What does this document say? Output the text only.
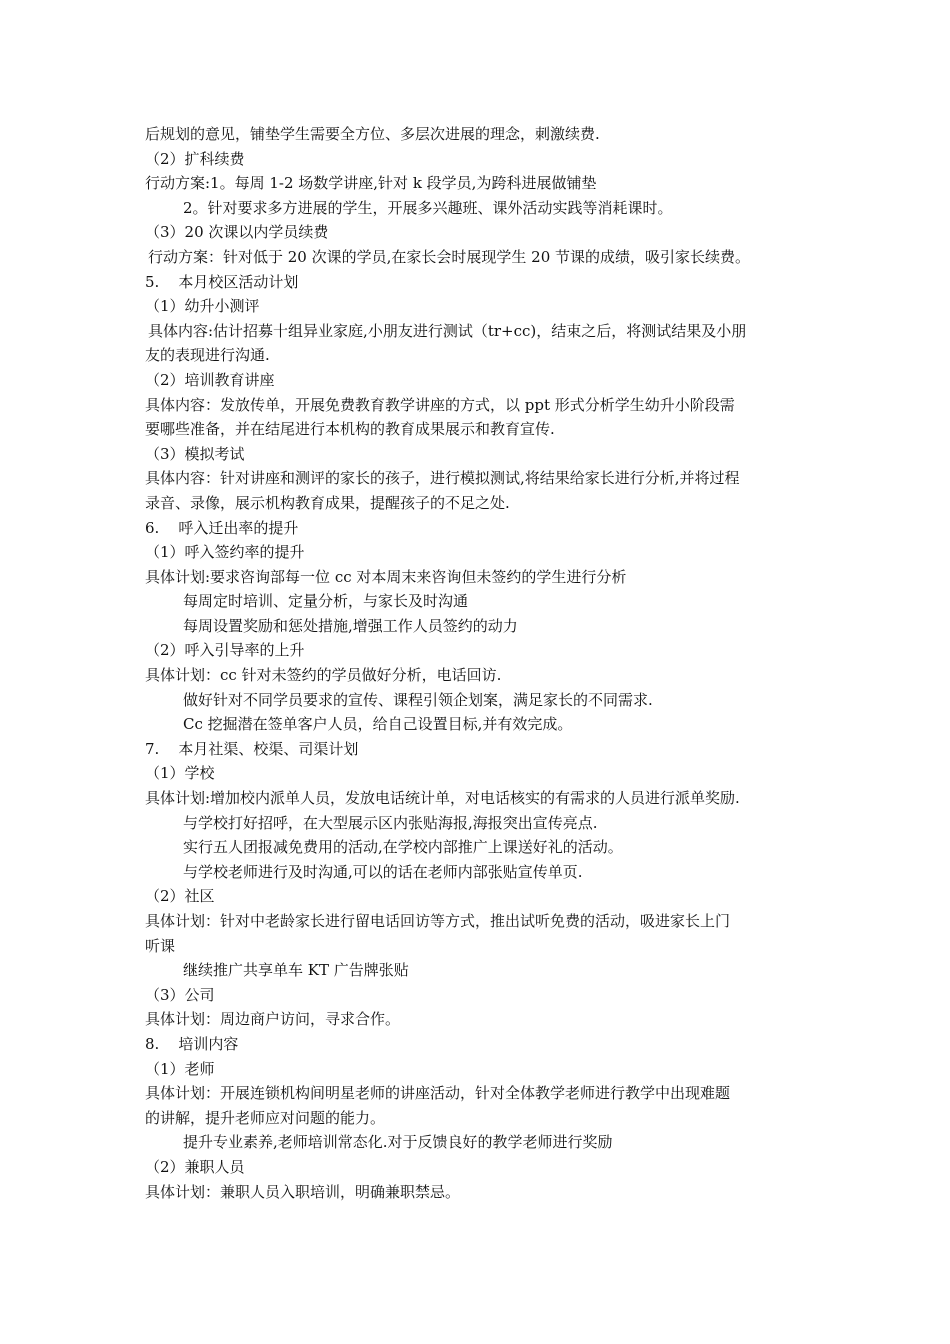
后规划的意见，铺垫学生需要全方位、多层次进展的理念，刺激续费.
（2）扩科续费
行动方案:1。每周 1-2 场数学讲座,针对 k 段学员,为跨科进展做铺垫
2。针对要求多方进展的学生，开展多兴趣班、课外活动实践等消耗课时。
（3）20 次课以内学员续费
行动方案：针对低于 20 次课的学员,在家长会时展现学生 20 节课的成绩，吸引家长续费。
5.    本月校区活动计划
（1）幼升小测评
具体内容:估计招募十组异业家庭,小朋友进行测试（tr+cc)，结束之后，将测试结果及小朋
友的表现进行沟通.
（2）培训教育讲座
具体内容：发放传单，开展免费教育教学讲座的方式，以 ppt 形式分析学生幼升小阶段需
要哪些准备，并在结尾进行本机构的教育成果展示和教育宣传.
（3）模拟考试
具体内容：针对讲座和测评的家长的孩子，进行模拟测试,将结果给家长进行分析,并将过程
录音、录像，展示机构教育成果，提醒孩子的不足之处.
6.    呼入迁出率的提升
（1）呼入签约率的提升
具体计划:要求咨询部每一位 cc 对本周末来咨询但未签约的学生进行分析
每周定时培训、定量分析，与家长及时沟通
每周设置奖励和惩处措施,增强工作人员签约的动力
（2）呼入引导率的上升
具体计划：cc 针对未签约的学员做好分析，电话回访.
做好针对不同学员要求的宣传、课程引领企划案，满足家长的不同需求.
Cc 挖掘潜在签单客户人员，给自己设置目标,并有效完成。
7.    本月社渠、校渠、司渠计划
（1）学校
具体计划:增加校内派单人员，发放电话统计单，对电话核实的有需求的人员进行派单奖励.
与学校打好招呼，在大型展示区内张贴海报,海报突出宣传亮点.
实行五人团报减免费用的活动,在学校内部推广上课送好礼的活动。
与学校老师进行及时沟通,可以的话在老师内部张贴宣传单页.
（2）社区
具体计划：针对中老龄家长进行留电话回访等方式，推出试听免费的活动，吸进家长上门
听课
继续推广共享单车 KT 广告牌张贴
（3）公司
具体计划：周边商户访问，寻求合作。
8.    培训内容
（1）老师
具体计划：开展连锁机构间明星老师的讲座活动，针对全体教学老师进行教学中出现难题
的讲解，提升老师应对问题的能力。
提升专业素养,老师培训常态化.对于反馈良好的教学老师进行奖励
（2）兼职人员
具体计划：兼职人员入职培训，明确兼职禁忌。
